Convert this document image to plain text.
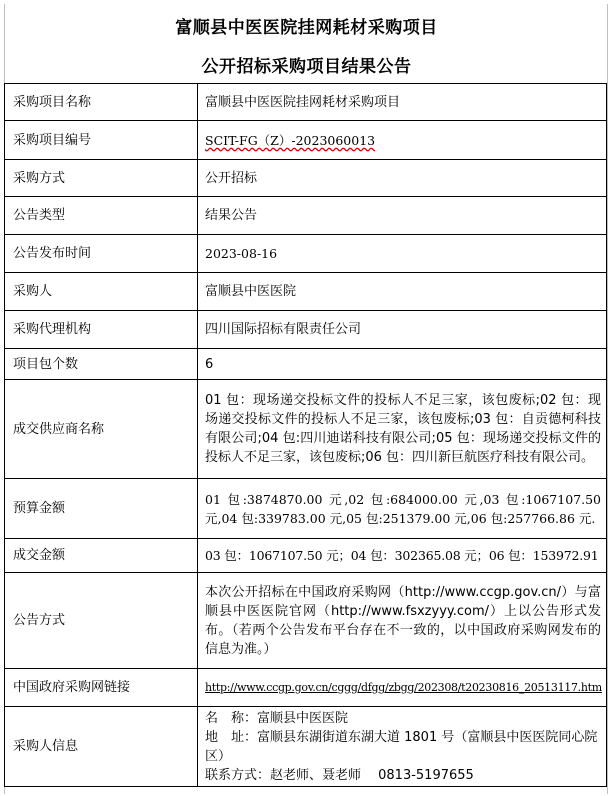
富顺县中医医院挂网耗材采购项目
公开招标采购项目结果公告
采购项目名称	富顺县中医医院挂网耗材采购项目
采购项目编号	SCIT-FG（Z）-2023060013
采购方式	公开招标
公告类型	结果公告
公告发布时间	2023-08-16
采购人	富顺县中医医院
采购代理机构	四川国际招标有限责任公司
项目包个数	6
成交供应商名称	01 包：现场递交投标文件的投标人不足三家，该包废标;02 包：现场递交投标文件的投标人不足三家，该包废标;03 包：自贡德柯科技有限公司;04 包:四川迪诺科技有限公司;05 包：现场递交投标文件的投标人不足三家，该包废标;06 包：四川新巨航医疗科技有限公司。
预算金额	01 包:3874870.00 元,02 包:684000.00 元,03 包:1067107.50 元,04 包:339783.00 元,05 包:251379.00 元,06 包:257766.86 元.
成交金额	03 包：1067107.50 元；04 包：302365.08 元；06 包：153972.91
公告方式	本次公开招标在中国政府采购网（http://www.ccgp.gov.cn/）与富顺县中医医院官网（http://www.fsxzyyy.com/）上以公告形式发布。（若两个公告发布平台存在不一致的，以中国政府采购网发布的信息为准。）
中国政府采购网链接	http://www.ccgp.gov.cn/cggg/dfgg/zbgg/202308/t20230816_20513117.htm
采购人信息	名　称：富顺县中医医院
地　址：富顺县东湖街道东湖大道 1801 号（富顺县中医医院同心院区）
联系方式：赵老师、聂老师　 0813-5197655
